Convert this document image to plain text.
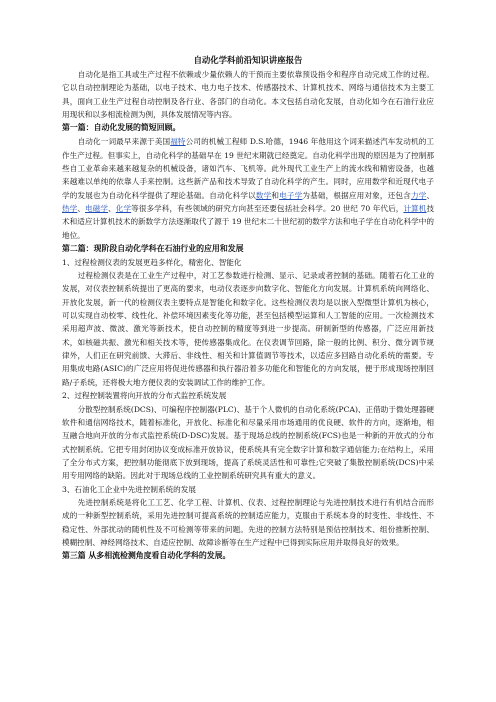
自动化学科前沿知识讲座报告

自动化是指工具或生产过程不依赖或少量依赖人的干预而主要依靠预设指令和程序自动完成工作的过程。它以自动控制理论为基础，以电子技术、电力电子技术、传感器技术、计算机技术、网络与通信技术为主要工具，面向工业生产过程自动控制及各行业、各部门的自动化。本文包括自动化发展，自动化如今在石油行业应用现状和以多相流检测为例，具体发展情况等内容。

第一篇：自动化发展的简短回顾。

自动化一词最早来源于美国福特公司的机械工程师 D.S.哈德，1946 年他用这个词来描述汽车发动机的工作生产过程。但事实上，自动化科学的基础早在 19 世纪末期就已经奠定。自动化科学出现的原因是为了控制那些自工业革命来越来越复杂的机械设备，诸如汽车、飞机等。此外现代工业生产上的流水线和精密设备，也越来越难以单纯的依靠人手来控制。这些新产品和技术导致了自动化科学的产生。同时，应用数学和近现代电子学的发展也为自动化科学提供了理论基础。自动化科学以数学和电子学为基础，根据应用对象，还包含力学、热学、电磁学、化学等很多学科，有些领域的研究方向甚至还要包括社会科学。20 世纪 70 年代后，计算机技术和适应计算机技术的新数学方法逐渐取代了源于 19 世纪末二十世纪初的数学方法和电子学在自动化科学中的地位。

第二篇：现阶段自动化学科在石油行业的应用和发展

1、过程检测仪表的发展更趋多样化，精密化、智能化

过程检测仪表是在工业生产过程中，对工艺参数进行检测、显示、记录或者控制的基础。随着石化工业的发展，对仪表控制系统提出了更高的要求，电动仪表逐步向数字化、智能化方向发展。计算机系统向网络化、开放化发展，新一代的检测仪表主要特点是智能化和数字化。这些检测仪表均是以嵌入型微型计算机为核心，可以实现自动校零、线性化、补偿环境因素变化等功能，甚至包括模型运算和人工智能的应用。一次检测技术采用超声波、微波、激光等新技术，使自动控制的精度等到进一步提高。研制新型的传感器，广泛应用新技术，如核磁共振、激光和相关技术等，使传感器集成化。在仪表调节回路，除一般的比例、积分、微分调节规律外，人们正在研究前馈、大滞后、非线性、相关和计算值调节等技术，以适应多回路自动化系统的需要。专用集成电路(ASIC)的广泛应用将促进传感器和执行器沿着多功能化和智能化的方向发展，便于形成现场控制回路/子系统，还将极大地方便仪表的安装调试工作的维护工作。

2、过程控制装置将向开放的分布式监控系统发展

分散型控制系统(DCS)、可编程序控制器(PLC)、基于个人微机的自动化系统(PCA)、正借助于微处理器硬软件和通信网络技术，随着标准化，开放化、标准化和尽量采用市场通用的优良硬、软件的方向，逐渐地，相互融合地向开放的分布式监控系统(D-DSC)发展。基于现场总线的控制系统(FCS)也是一种新的开放式的分布式控制系统。它把专用封闭协议变成标准开放协议，使系统具有完全数字计算和数字通信能力;在结构上，采用了全分布式方案，把控制功能彻底下放到现场，提高了系统灵活性和可靠性;它突破了集散控制系统(DCS)中采用专用网络的缺陷。因此对于现场总线的工业控制系统研究具有重大的意义。

3、石油化工企业中先进控制系统的发展

先进控制系统是将化工工艺、化学工程、计算机、仪表、过程控制理论与先进控制技术进行有机结合而形成的一种新型控制系统，采用先进控制可提高系统的控制适应能力，克服由于系统本身的时变性、非线性、不稳定性、外部扰动的随机性及不可检测等带来的问题。先进的控制方法特别是预估控制技术、组份推断控制、模糊控制、神经网络技术、自适应控制、故障诊断等在生产过程中已得到实际应用并取得良好的效果。

第三篇 从多相流检测角度看自动化学科的发展。
